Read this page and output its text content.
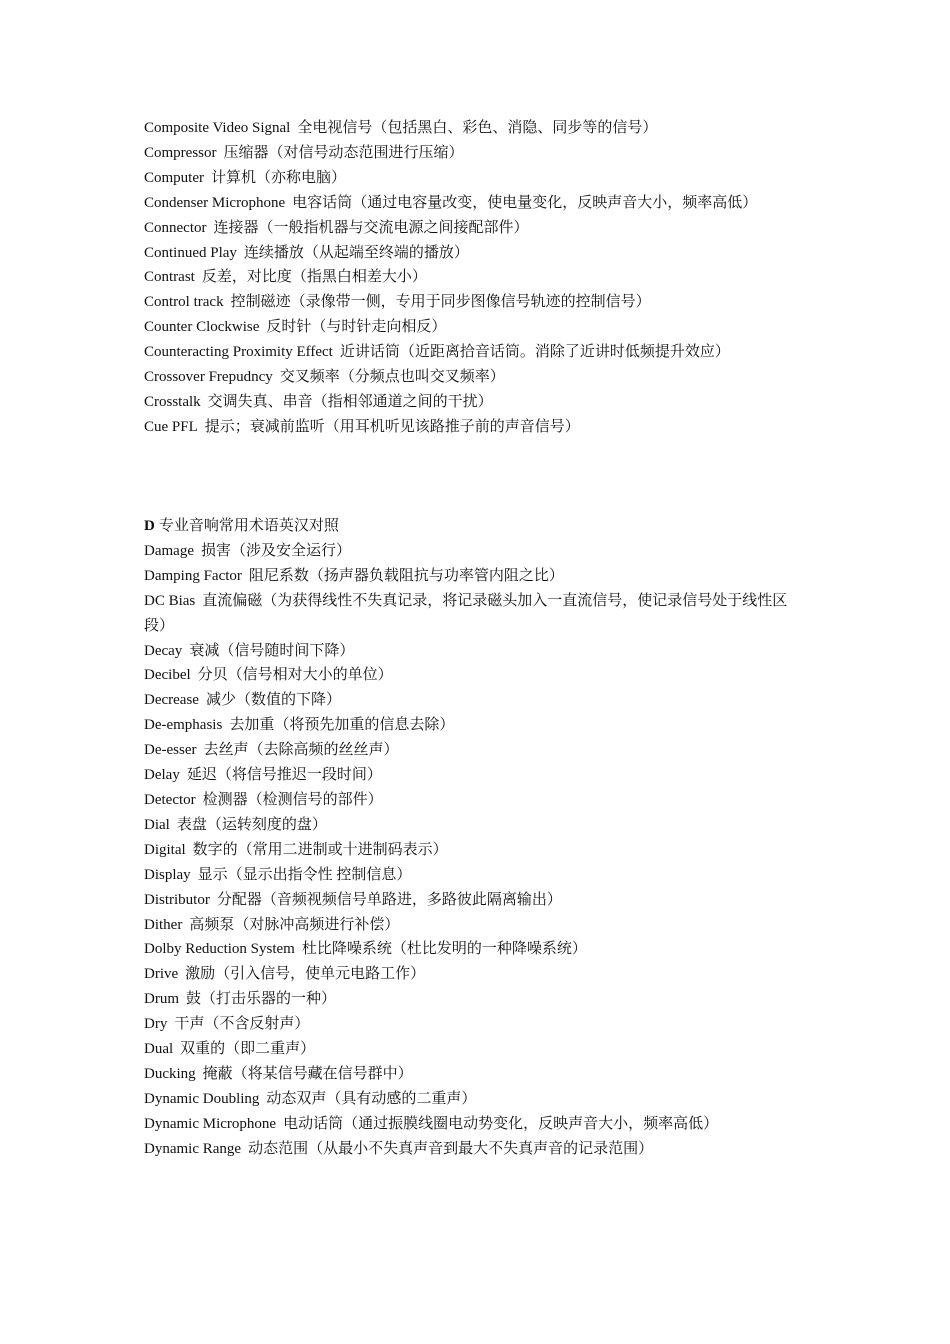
Composite Video Signal 全电视信号（包括黑白、彩色、消隐、同步等的信号）
Compressor 压缩器（对信号动态范围进行压缩）
Computer 计算机（亦称电脑）
Condenser Microphone 电容话筒（通过电容量改变，使电量变化，反映声音大小，频率高低）
Connector 连接器（一般指机器与交流电源之间接配部件）
Continued Play 连续播放（从起端至终端的播放）
Contrast 反差，对比度（指黑白相差大小）
Control track 控制磁迹（录像带一侧，专用于同步图像信号轨迹的控制信号）
Counter Clockwise 反时针（与时针走向相反）
Counteracting Proximity Effect 近讲话筒（近距离拾音话筒。消除了近讲时低频提升效应）
Crossover Frepudncy 交叉频率（分频点也叫交叉频率）
Crosstalk 交调失真、串音（指相邻通道之间的干扰）
Cue PFL 提示；衰减前监听（用耳机听见该路推子前的声音信号）
D 专业音响常用术语英汉对照
Damage 损害（涉及安全运行）
Damping Factor 阻尼系数（扬声器负载阻抗与功率管内阻之比）
DC Bias 直流偏磁（为获得线性不失真记录，将记录磁头加入一直流信号，使记录信号处于线性区段）
Decay 衰减（信号随时间下降）
Decibel 分贝（信号相对大小的单位）
Decrease 减少（数值的下降）
De-emphasis 去加重（将预先加重的信息去除）
De-esser 去丝声（去除高频的丝丝声）
Delay 延迟（将信号推迟一段时间）
Detector 检测器（检测信号的部件）
Dial 表盘（运转刻度的盘）
Digital 数字的（常用二进制或十进制码表示）
Display 显示（显示出指令性 控制信息）
Distributor 分配器（音频视频信号单路进，多路彼此隔离输出）
Dither 高频泵（对脉冲高频进行补偿）
Dolby Reduction System 杜比降噪系统（杜比发明的一种降噪系统）
Drive 激励（引入信号，使单元电路工作）
Drum 鼓（打击乐器的一种）
Dry 干声（不含反射声）
Dual 双重的（即二重声）
Ducking 掩蔽（将某信号藏在信号群中）
Dynamic Doubling 动态双声（具有动感的二重声）
Dynamic Microphone 电动话筒（通过振膜线圈电动势变化，反映声音大小，频率高低）
Dynamic Range 动态范围（从最小不失真声音到最大不失真声音的记录范围）
